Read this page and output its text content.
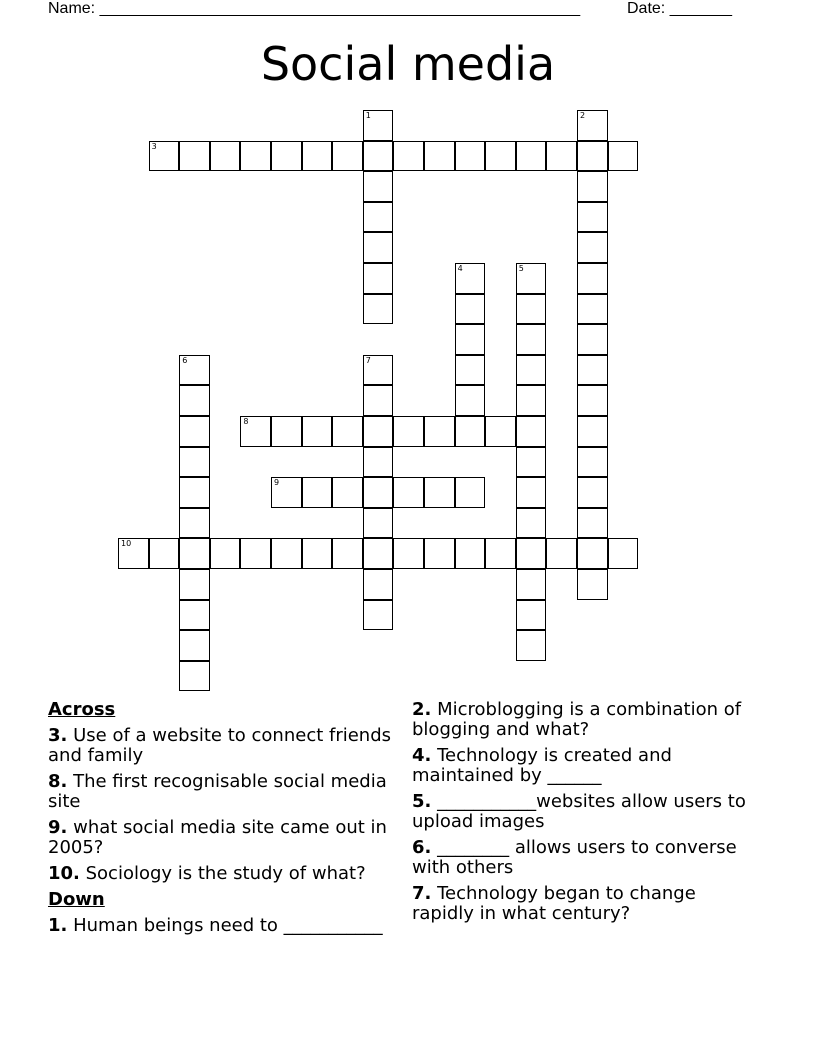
Name: ______________________________________________________	Date: _______
Social media
1	2
3
4	5
6	7
8
9
10
Across
3. Use of a website to connect friends and family
8. The first recognisable social media site
9. what social media site came out in 2005?
10. Sociology is the study of what?
Down
1. Human beings need to ___________
2. Microblogging is a combination of blogging and what?
4. Technology is created and maintained by ______
5. ___________websites allow users to upload images
6. ________ allows users to converse with others
7. Technology began to change rapidly in what century?
